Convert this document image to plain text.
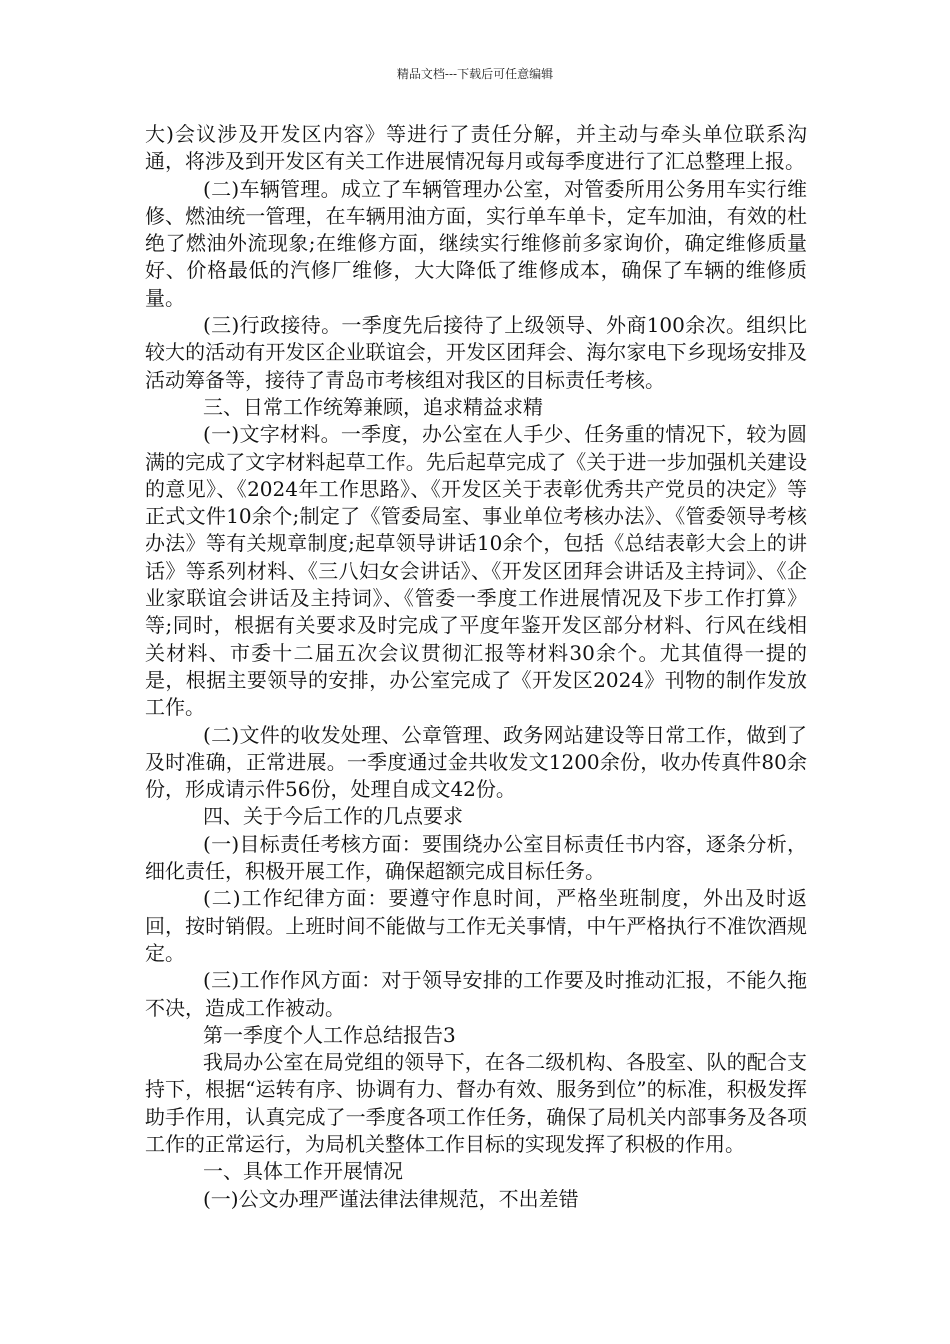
精品文档---下载后可任意编辑

大)会议涉及开发区内容》等进行了责任分解，并主动与牵头单位联系沟通，将涉及到开发区有关工作进展情况每月或每季度进行了汇总整理上报。

(二)车辆管理。成立了车辆管理办公室，对管委所用公务用车实行维修、燃油统一管理，在车辆用油方面，实行单车单卡，定车加油，有效的杜绝了燃油外流现象;在维修方面，继续实行维修前多家询价，确定维修质量好、价格最低的汽修厂维修，大大降低了维修成本，确保了车辆的维修质量。

(三)行政接待。一季度先后接待了上级领导、外商100余次。组织比较大的活动有开发区企业联谊会，开发区团拜会、海尔家电下乡现场安排及活动筹备等，接待了青岛市考核组对我区的目标责任考核。

三、日常工作统筹兼顾，追求精益求精

(一)文字材料。一季度，办公室在人手少、任务重的情况下，较为圆满的完成了文字材料起草工作。先后起草完成了《关于进一步加强机关建设的意见》、《2024年工作思路》、《开发区关于表彰优秀共产党员的决定》等正式文件10余个;制定了《管委局室、事业单位考核办法》、《管委领导考核办法》等有关规章制度;起草领导讲话10余个，包括《总结表彰大会上的讲话》等系列材料、《三八妇女会讲话》、《开发区团拜会讲话及主持词》、《企业家联谊会讲话及主持词》、《管委一季度工作进展情况及下步工作打算》等;同时，根据有关要求及时完成了平度年鉴开发区部分材料、行风在线相关材料、市委十二届五次会议贯彻汇报等材料30余个。尤其值得一提的是，根据主要领导的安排，办公室完成了《开发区2024》刊物的制作发放工作。

(二)文件的收发处理、公章管理、政务网站建设等日常工作，做到了及时准确，正常进展。一季度通过金共收发文1200余份，收办传真件80余份，形成请示件56份，处理自成文42份。

四、关于今后工作的几点要求

(一)目标责任考核方面：要围绕办公室目标责任书内容，逐条分析，细化责任，积极开展工作，确保超额完成目标任务。

(二)工作纪律方面：要遵守作息时间，严格坐班制度，外出及时返回，按时销假。上班时间不能做与工作无关事情，中午严格执行不准饮酒规定。

(三)工作作风方面：对于领导安排的工作要及时推动汇报，不能久拖不决，造成工作被动。

第一季度个人工作总结报告3

我局办公室在局党组的领导下，在各二级机构、各股室、队的配合支持下，根据“运转有序、协调有力、督办有效、服务到位”的标准，积极发挥助手作用，认真完成了一季度各项工作任务，确保了局机关内部事务及各项工作的正常运行，为局机关整体工作目标的实现发挥了积极的作用。

一、具体工作开展情况

(一)公文办理严谨法律法律规范，不出差错
